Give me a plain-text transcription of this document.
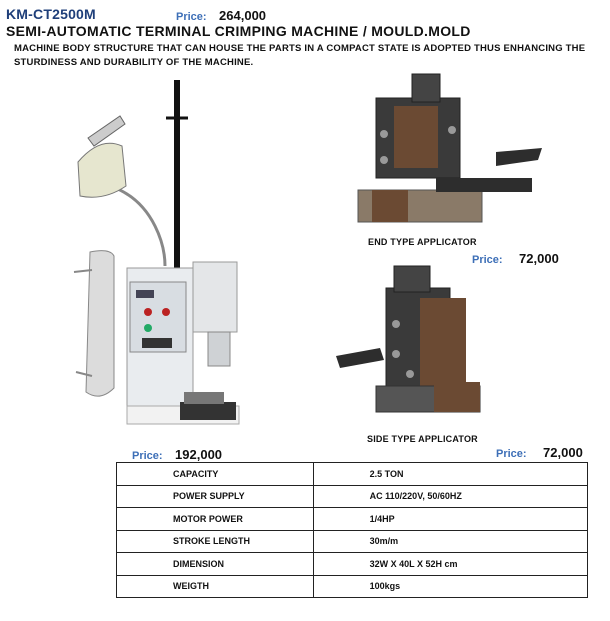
KM-CT2500M	Price: 264,000
SEMI-AUTOMATIC TERMINAL CRIMPING MACHINE / MOULD.MOLD
MACHINE BODY STRUCTURE THAT CAN HOUSE THE PARTS IN A COMPACT STATE IS ADOPTED THUS ENHANCING THE STURDINESS AND DURABILITY OF THE MACHINE.
Price: 192,000
END TYPE APPLICATOR
Price: 72,000
SIDE TYPE APPLICATOR
Price: 72,000
CAPACITY	2.5 TON
POWER SUPPLY	AC 110/220V, 50/60HZ
MOTOR POWER	1/4HP
STROKE LENGTH	30m/m
DIMENSION	32W X 40L X 52H cm
WEIGTH	100kgs
